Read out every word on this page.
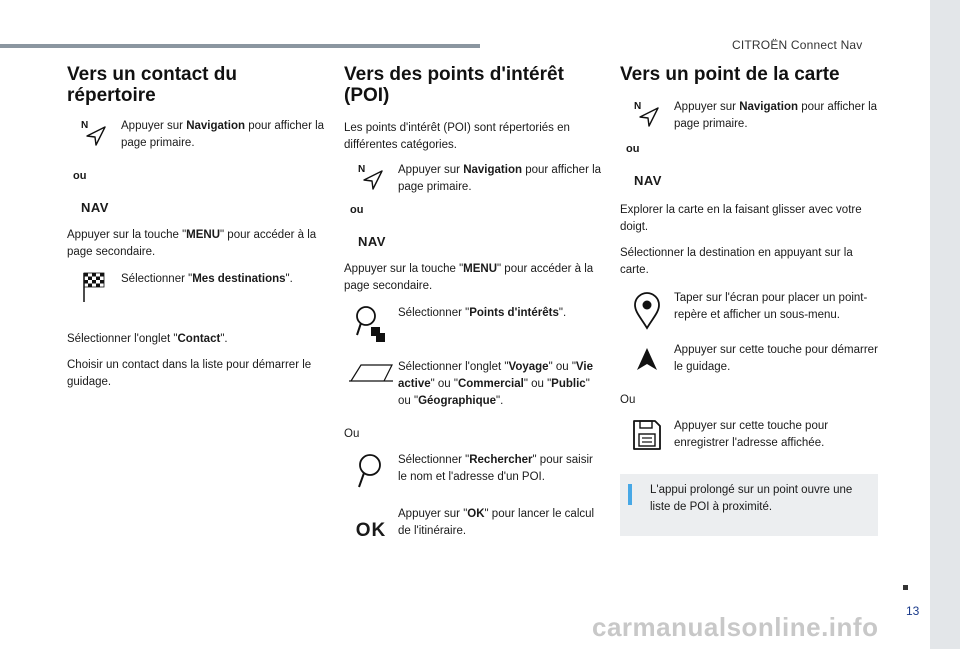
CITROËN Connect Nav
13
Vers un contact du répertoire
N	Appuyer sur Navigation pour afficher la page primaire.
ou
NAV

Appuyer sur la touche "MENU" pour accéder à la page secondaire.

Sélectionner "Mes destinations".

Sélectionner l'onglet "Contact".

Choisir un contact dans la liste pour démarrer le guidage.

Vers des points d'intérêt (POI)

Les points d'intérêt (POI) sont répertoriés en différentes catégories.

N	Appuyer sur Navigation pour afficher la page primaire.
ou
NAV

Appuyer sur la touche "MENU" pour accéder à la page secondaire.

Sélectionner "Points d'intérêts".
Sélectionner l'onglet "Voyage" ou "Vie active" ou "Commercial" ou "Public" ou "Géographique".
Ou
Sélectionner "Rechercher" pour saisir le nom et l'adresse d'un POI.
OK
Appuyer sur "OK" pour lancer le calcul de l'itinéraire.
Vers un point de la carte
N	Appuyer sur Navigation pour afficher la page primaire.
ou
NAV

Explorer la carte en la faisant glisser avec votre doigt.

Sélectionner la destination en appuyant sur la carte.

Taper sur l'écran pour placer un point-repère et afficher un sous-menu.
Appuyer sur cette touche pour démarrer le guidage.
Ou
Appuyer sur cette touche pour enregistrer l'adresse affichée.
L'appui prolongé sur un point ouvre une liste de POI à proximité.
carmanualsonline.info
